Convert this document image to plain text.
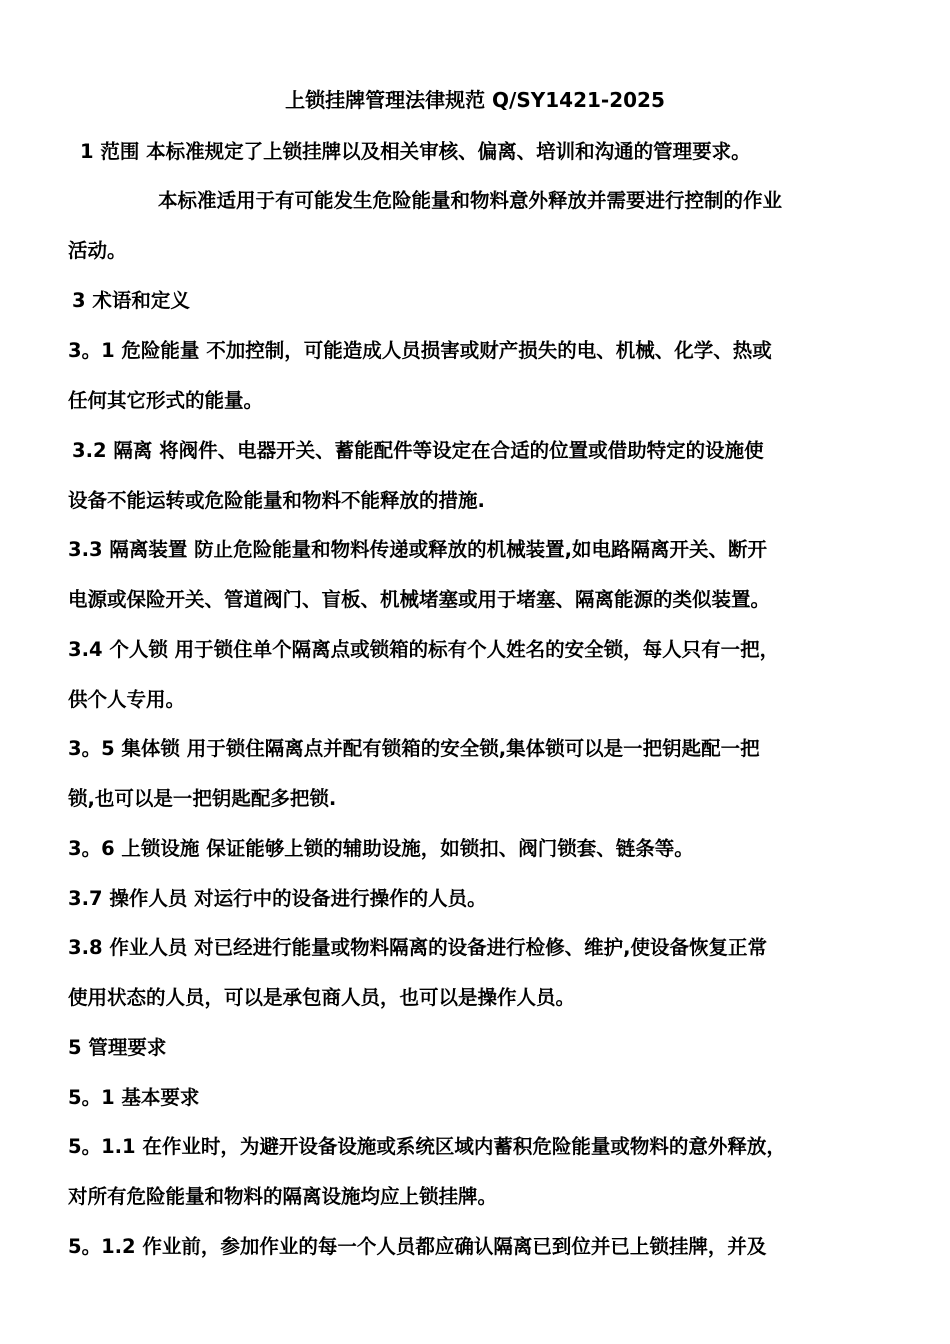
上锁挂牌管理法律规范 Q/SY1421-2025
1 范围 本标准规定了上锁挂牌以及相关审核、偏离、培训和沟通的管理要求。
本标准适用于有可能发生危险能量和物料意外释放并需要进行控制的作业
活动。
3 术语和定义
3。1 危险能量 不加控制，可能造成人员损害或财产损失的电、机械、化学、热或
任何其它形式的能量。
3.2 隔离 将阀件、电器开关、蓄能配件等设定在合适的位置或借助特定的设施使
设备不能运转或危险能量和物料不能释放的措施.
3.3 隔离装置 防止危险能量和物料传递或释放的机械装置,如电路隔离开关、断开
电源或保险开关、管道阀门、盲板、机械堵塞或用于堵塞、隔离能源的类似装置。
3.4 个人锁 用于锁住单个隔离点或锁箱的标有个人姓名的安全锁，每人只有一把，
供个人专用。
3。5 集体锁 用于锁住隔离点并配有锁箱的安全锁,集体锁可以是一把钥匙配一把
锁,也可以是一把钥匙配多把锁.
3。6 上锁设施 保证能够上锁的辅助设施，如锁扣、阀门锁套、链条等。
3.7 操作人员 对运行中的设备进行操作的人员。
3.8 作业人员 对已经进行能量或物料隔离的设备进行检修、维护,使设备恢复正常
使用状态的人员，可以是承包商人员，也可以是操作人员。
5 管理要求
5。1 基本要求
5。1.1 在作业时，为避开设备设施或系统区域内蓄积危险能量或物料的意外释放，
对所有危险能量和物料的隔离设施均应上锁挂牌。
5。1.2 作业前，参加作业的每一个人员都应确认隔离已到位并已上锁挂牌，并及
